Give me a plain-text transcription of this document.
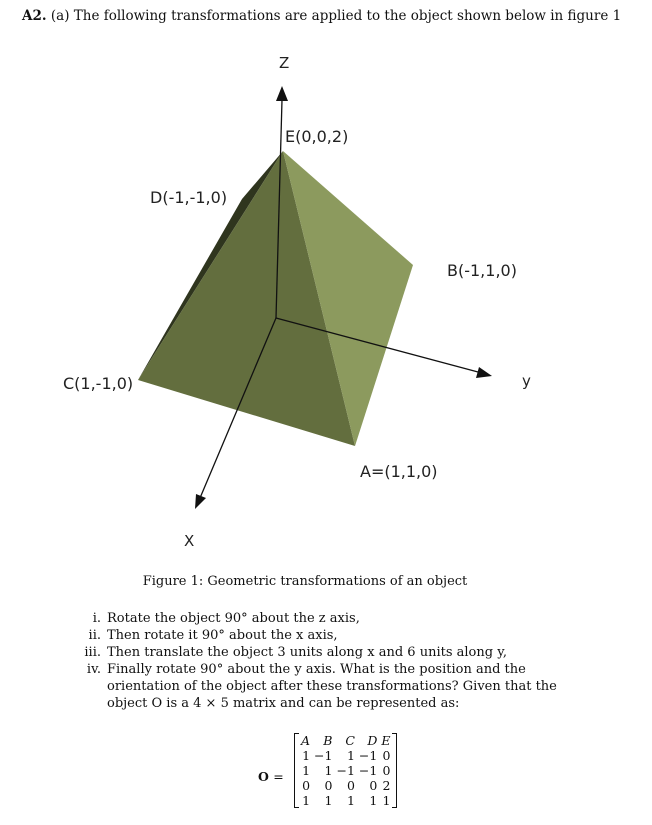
A2. (a) The following transformations are applied to the object shown below in figure 1
Z
y
X
E(0,0,2)
D(-1,-1,0)
B(-1,1,0)
C(1,-1,0)
A=(1,1,0)
Figure 1: Geometric transformations of an object
i. Rotate the object 90° about the z axis,
ii. Then rotate it 90° about the x axis,
iii. Then translate the object 3 units along x and 6 units along y,
iv. Finally rotate 90° about the y axis. What is the position and the orientation of the object after these transformations? Given that the object O is a 4 × 5 matrix and can be represented as:
O =
A	B	C	D	E
1	−1	1	−1	0
1	1	−1	−1	0
0	0	0	0	2
1	1	1	1	1
